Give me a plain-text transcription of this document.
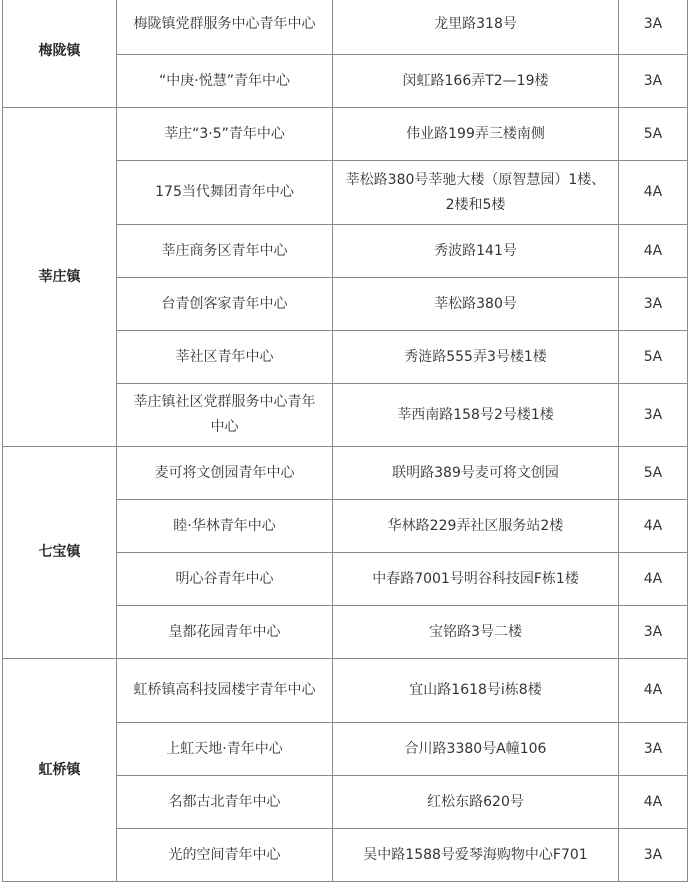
梅陇镇	梅陇镇党群服务中心青年中心	龙里路318号	3A
	“中庚·悦慧”青年中心	闵虹路166弄T2—19楼	3A
莘庄镇	莘庄“3·5”青年中心	伟业路199弄三楼南侧	5A
	175当代舞团青年中心	莘松路380号莘驰大楼（原智慧园）1楼、2楼和5楼	4A
	莘庄商务区青年中心	秀波路141号	4A
	台青创客家青年中心	莘松路380号	3A
	莘社区青年中心	秀涟路555弄3号楼1楼	5A
	莘庄镇社区党群服务中心青年中心	莘西南路158号2号楼1楼	3A
七宝镇	麦可将文创园青年中心	联明路389号麦可将文创园	5A
	睦·华林青年中心	华林路229弄社区服务站2楼	4A
	明心谷青年中心	中春路7001号明谷科技园F栋1楼	4A
	皇都花园青年中心	宝铭路3号二楼	3A
虹桥镇	虹桥镇高科技园楼宇青年中心	宜山路1618号i栋8楼	4A
	上虹天地·青年中心	合川路3380号A幢106	3A
	名都古北青年中心	红松东路620号	4A
	光的空间青年中心	吴中路1588号爱琴海购物中心F701	3A
